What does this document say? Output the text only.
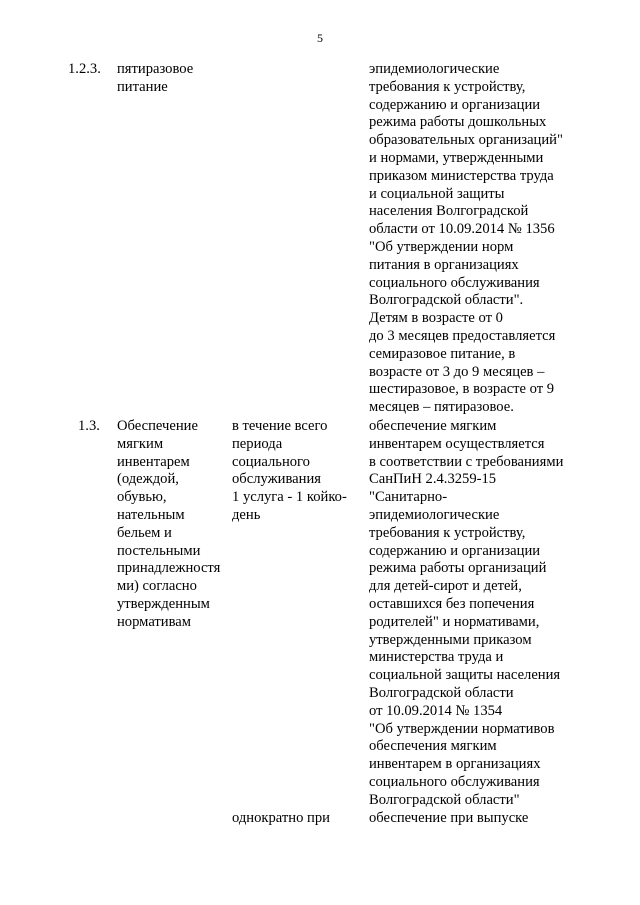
5
1.2.3. пятиразовое
питание
эпидемиологические
требования к устройству,
содержанию и организации
режима работы дошкольных
образовательных организаций"
и нормами, утвержденными
приказом министерства труда
и социальной защиты
населения Волгоградской
области от 10.09.2014 № 1356
"Об утверждении норм
питания в организациях
социального обслуживания
Волгоградской области".
Детям в возрасте от 0
до 3 месяцев предоставляется
семиразовое питание, в
возрасте от 3 до 9 месяцев –
шестиразовое, в возрасте от 9
месяцев – пятиразовое.
1.3. Обеспечение
мягким
инвентарем
(одеждой,
обувью,
нательным
бельем и
постельными
принадлежностя
ми) согласно
утвержденным
нормативам
в течение всего
периода
социального
обслуживания
1 услуга - 1 койко-
день
обеспечение мягким
инвентарем осуществляется
в соответствии с требованиями
СанПиН 2.4.3259-15
"Санитарно-
эпидемиологические
требования к устройству,
содержанию и организации
режима работы организаций
для детей-сирот и детей,
оставшихся без попечения
родителей" и нормативами,
утвержденными приказом
министерства труда и
социальной защиты населения
Волгоградской области
от 10.09.2014 № 1354
"Об утверждении нормативов
обеспечения мягким
инвентарем в организациях
социального обслуживания
Волгоградской области"
однократно при	обеспечение при выпуске
